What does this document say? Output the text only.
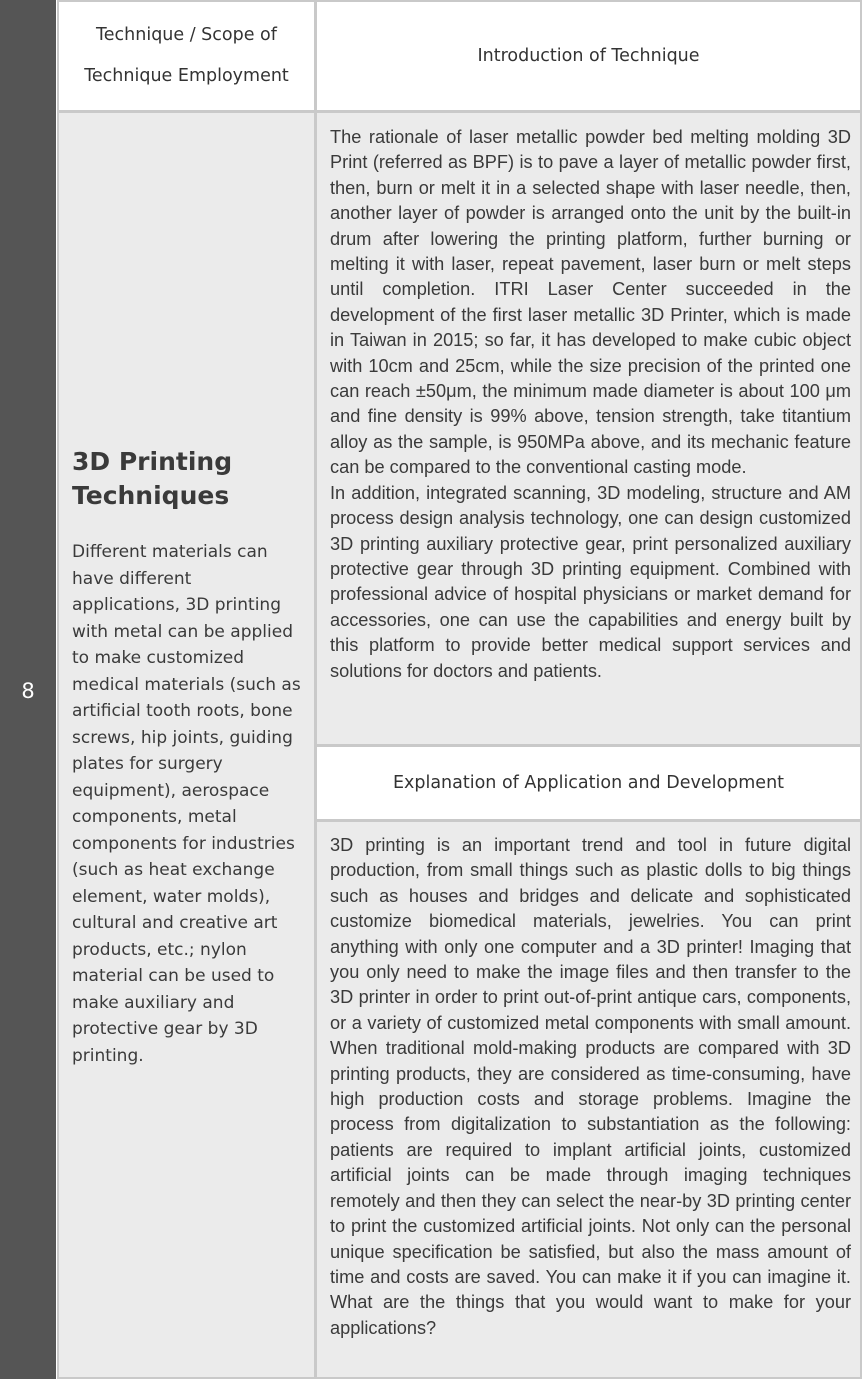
8
Technique / Scope of Technique Employment
Introduction of Technique
3D Printing Techniques

Different materials can have different applications, 3D printing with metal can be applied to make customized medical materials (such as artificial tooth roots, bone screws, hip joints, guiding plates for surgery equipment), aerospace components, metal components for industries (such as heat exchange element, water molds), cultural and creative art products, etc.; nylon material can be used to make auxiliary and protective gear by 3D printing.

The rationale of laser metallic powder bed melting molding 3D Print (referred as BPF) is to pave a layer of metallic powder first, then, burn or melt it in a selected shape with laser needle, then, another layer of powder is arranged onto the unit by the built-in drum after lowering the printing platform, further burning or melting it with laser, repeat pavement, laser burn or melt steps until completion. ITRI Laser Center succeeded in the development of the first laser metallic 3D Printer, which is made in Taiwan in 2015; so far, it has developed to make cubic object with 10cm and 25cm, while the size precision of the printed one can reach ±50μm, the minimum made diameter is about 100 μm and fine density is 99% above, tension strength, take titantium alloy as the sample, is 950MPa above, and its mechanic feature can be compared to the conventional casting mode.

In addition, integrated scanning, 3D modeling, structure and AM process design analysis technology, one can design customized 3D printing auxiliary protective gear, print personalized auxiliary protective gear through 3D printing equipment. Combined with professional advice of hospital physicians or market demand for accessories, one can use the capabilities and energy built by this platform to provide better medical support services and solutions for doctors and patients.

Explanation of Application and Development

3D printing is an important trend and tool in future digital production, from small things such as plastic dolls to big things such as houses and bridges and delicate and sophisticated customize biomedical materials, jewelries. You can print anything with only one computer and a 3D printer! Imaging that you only need to make the image files and then transfer to the 3D printer in order to print out-of-print antique cars, components, or a variety of customized metal components with small amount. When traditional mold-making products are compared with 3D printing products, they are considered as time-consuming, have high production costs and storage problems. Imagine the process from digitalization to substantiation as the following: patients are required to implant artificial joints, customized artificial joints can be made through imaging techniques remotely and then they can select the near-by 3D printing center to print the customized artificial joints. Not only can the personal unique specification be satisfied, but also the mass amount of time and costs are saved. You can make it if you can imagine it. What are the things that you would want to make for your applications?
